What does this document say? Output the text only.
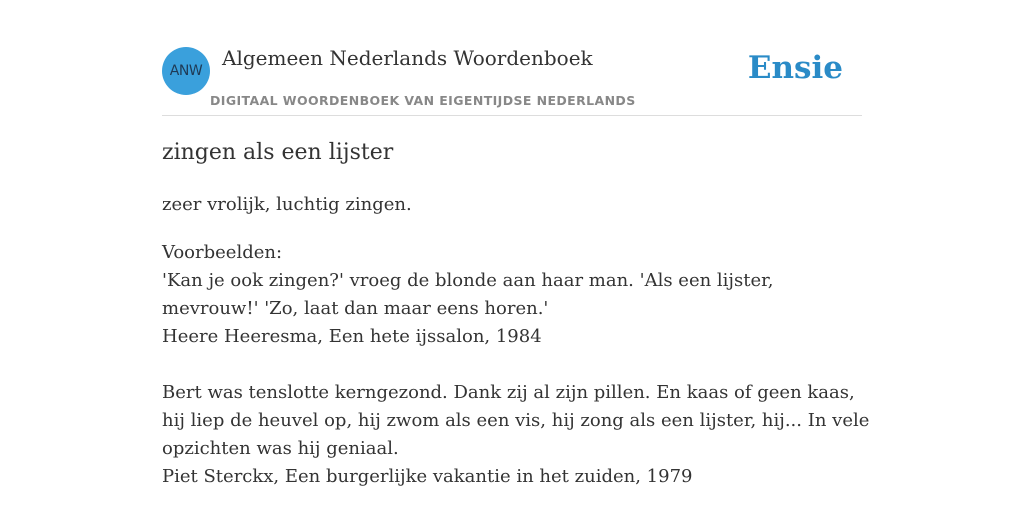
ANW
Algemeen Nederlands Woordenboek
DIGITAAL WOORDENBOEK VAN EIGENTIJDSE NEDERLANDS
Ensie
zingen als een lijster

zeer vrolijk, luchtig zingen.

Voorbeelden:

'Kan je ook zingen?' vroeg de blonde aan haar man. 'Als een lijster, mevrouw!' 'Zo, laat dan maar eens horen.'

Heere Heeresma, Een hete ijssalon, 1984

Bert was tenslotte kerngezond. Dank zij al zijn pillen. En kaas of geen kaas, hij liep de heuvel op, hij zwom als een vis, hij zong als een lijster, hij... In vele opzichten was hij geniaal.

Piet Sterckx, Een burgerlijke vakantie in het zuiden, 1979
